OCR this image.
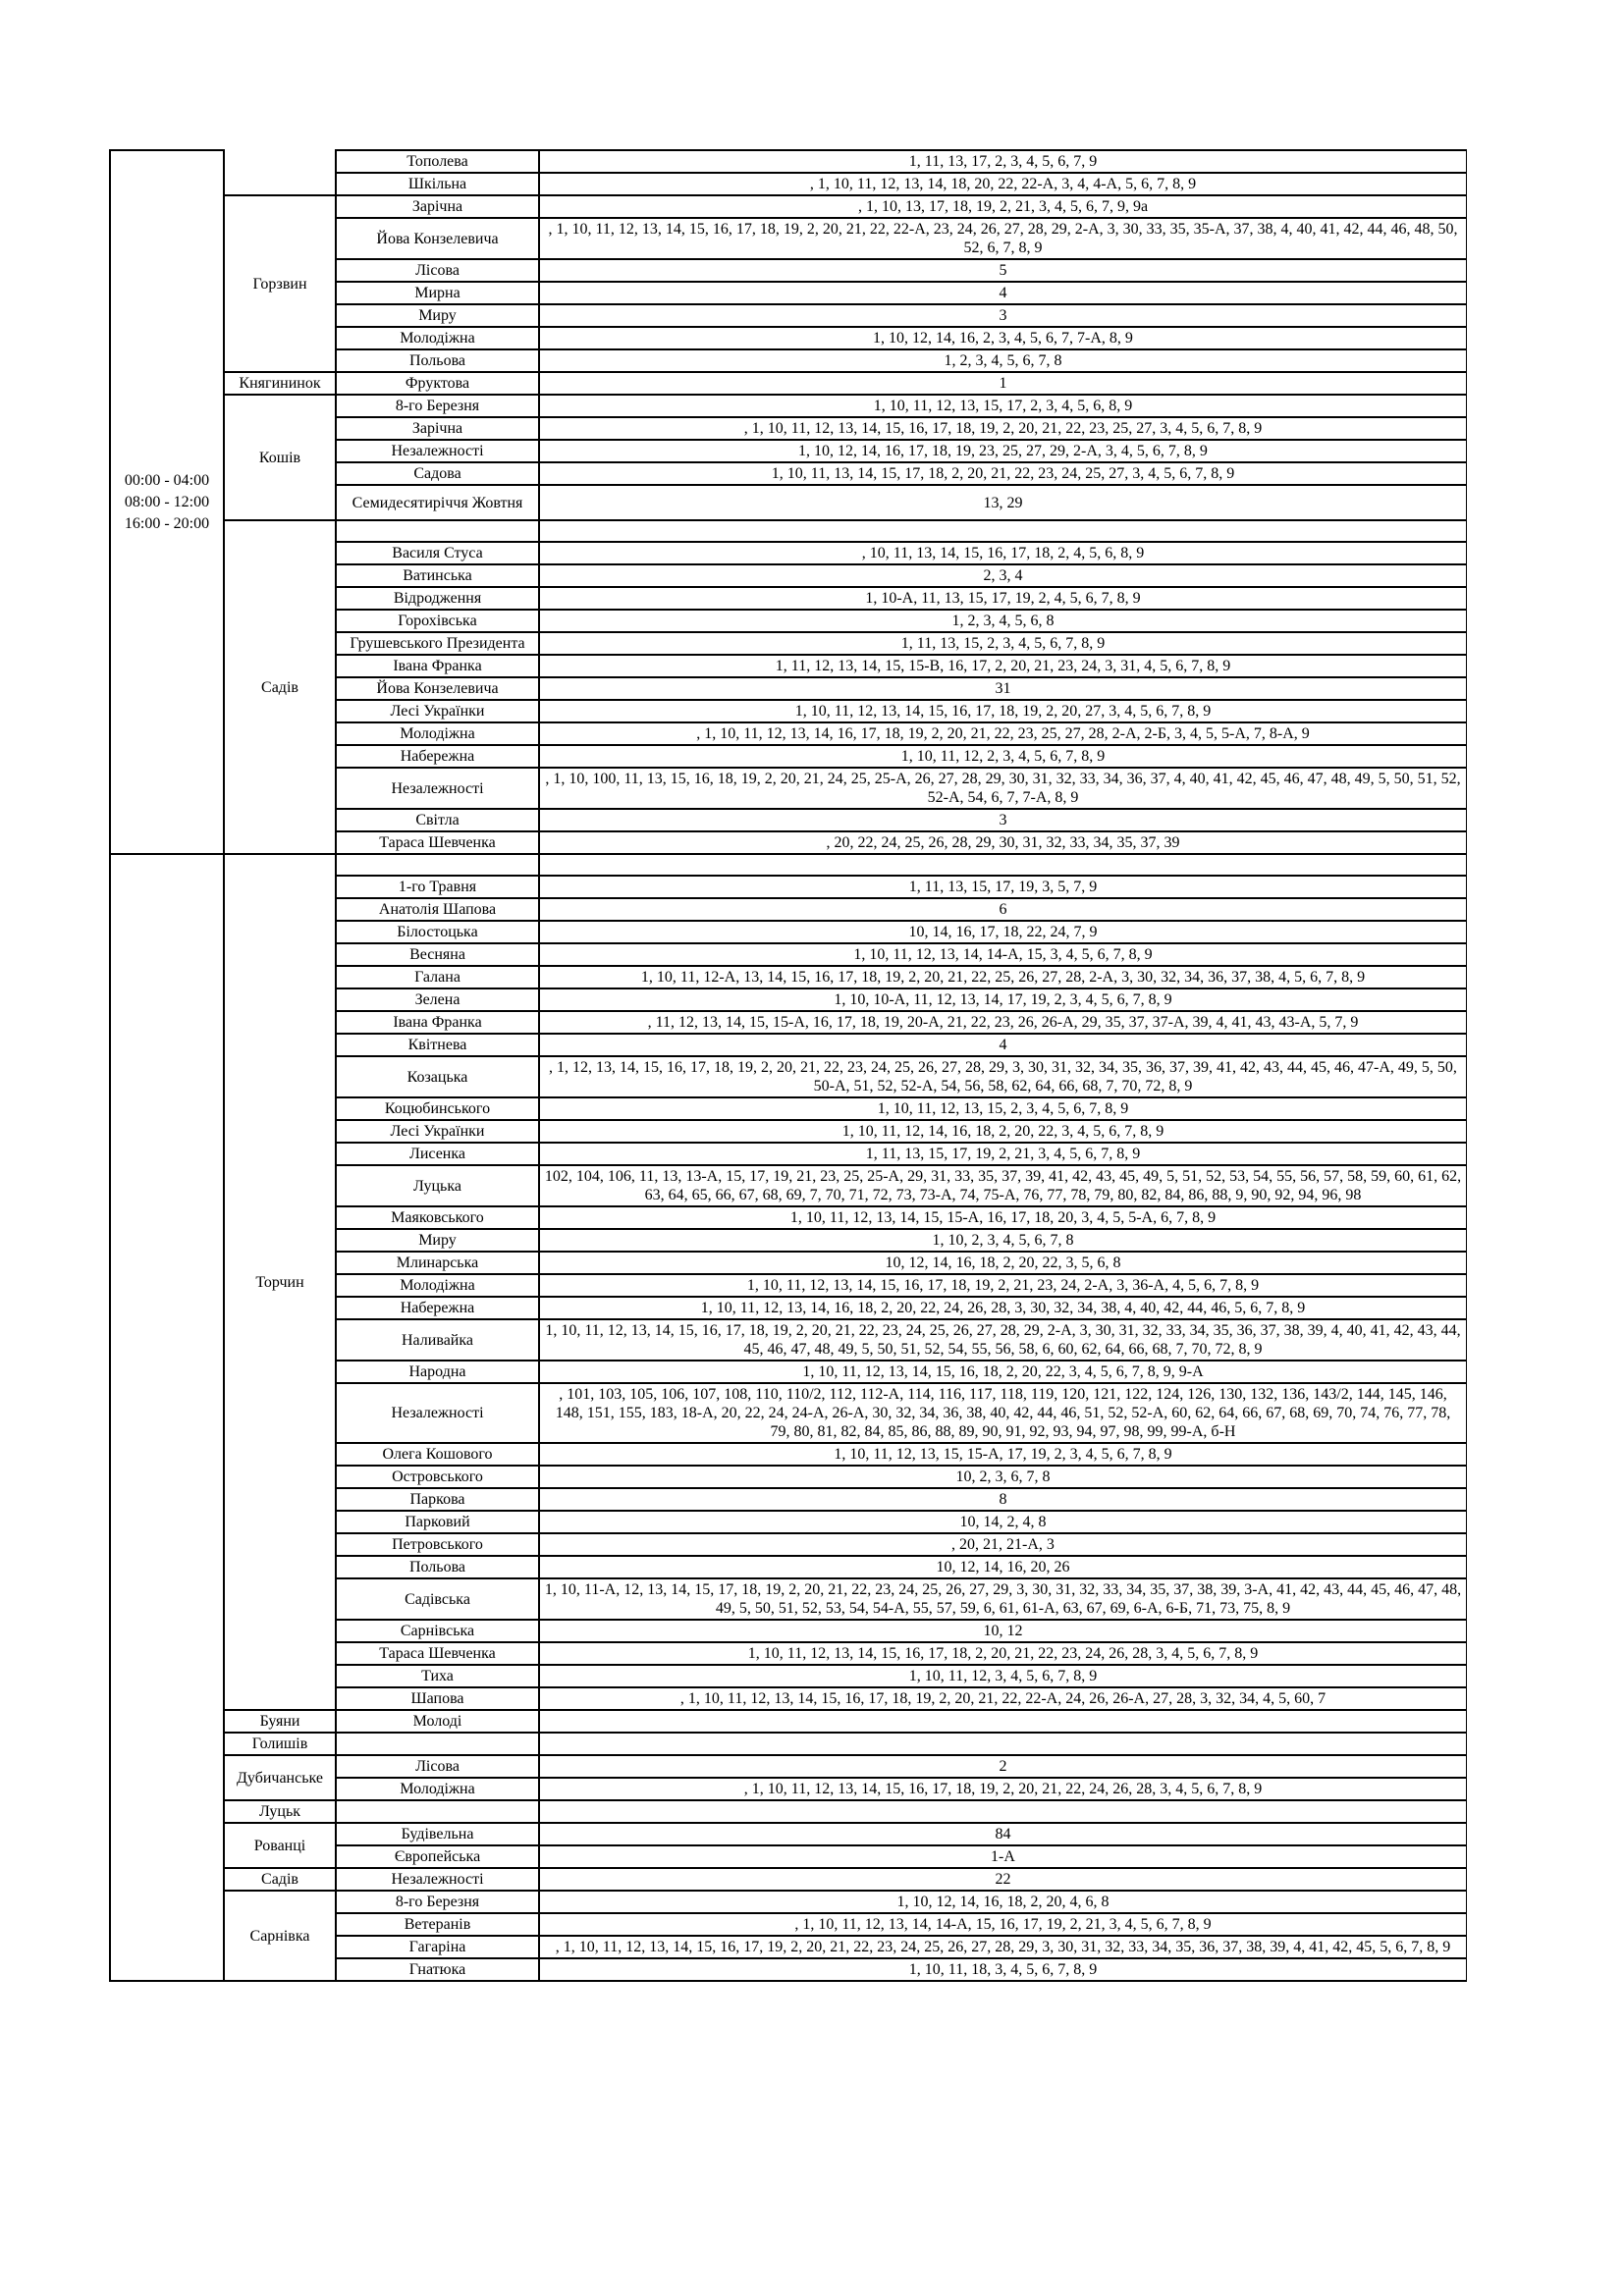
	00:00 - 04:00
08:00 - 12:00
16:00 - 20:00		Тополева	1, 11, 13, 17, 2, 3, 4, 5, 6, 7, 9
			Шкільна	, 1, 10, 11, 12, 13, 14, 18, 20, 22, 22-А, 3, 4, 4-А, 5, 6, 7, 8, 9
		Горзвин	Зарічна	, 1, 10, 13, 17, 18, 19, 2, 21, 3, 4, 5, 6, 7, 9, 9а
			Йова Конзелевича	, 1, 10, 11, 12, 13, 14, 15, 16, 17, 18, 19, 2, 20, 21, 22, 22-А, 23, 24, 26, 27, 28, 29, 2-А, 3, 30, 33, 35, 35-А, 37, 38, 4, 40, 41, 42, 44, 46, 48, 50, 52, 6, 7, 8, 9
			Лісова	5
			Мирна	4
			Миру	3
			Молодіжна	1, 10, 12, 14, 16, 2, 3, 4, 5, 6, 7, 7-А, 8, 9
			Польова	1, 2, 3, 4, 5, 6, 7, 8
		Княгининок	Фруктова	1
		Кошів	8-го Березня	1, 10, 11, 12, 13, 15, 17, 2, 3, 4, 5, 6, 8, 9
			Зарічна	, 1, 10, 11, 12, 13, 14, 15, 16, 17, 18, 19, 2, 20, 21, 22, 23, 25, 27, 3, 4, 5, 6, 7, 8, 9
			Незалежності	1, 10, 12, 14, 16, 17, 18, 19, 23, 25, 27, 29, 2-А, 3, 4, 5, 6, 7, 8, 9
			Садова	1, 10, 11, 13, 14, 15, 17, 18, 2, 20, 21, 22, 23, 24, 25, 27, 3, 4, 5, 6, 7, 8, 9
			Семидесятиріччя Жовтня	13, 29
		Садів		
			Василя Стуса	, 10, 11, 13, 14, 15, 16, 17, 18, 2, 4, 5, 6, 8, 9
			Ватинська	2, 3, 4
			Відродження	1, 10-А, 11, 13, 15, 17, 19, 2, 4, 5, 6, 7, 8, 9
			Горохівська	1, 2, 3, 4, 5, 6, 8
			Грушевського Президента	1, 11, 13, 15, 2, 3, 4, 5, 6, 7, 8, 9
			Івана Франка	1, 11, 12, 13, 14, 15, 15-В, 16, 17, 2, 20, 21, 23, 24, 3, 31, 4, 5, 6, 7, 8, 9
			Йова Конзелевича	31
			Лесі Українки	1, 10, 11, 12, 13, 14, 15, 16, 17, 18, 19, 2, 20, 27, 3, 4, 5, 6, 7, 8, 9
			Молодіжна	, 1, 10, 11, 12, 13, 14, 16, 17, 18, 19, 2, 20, 21, 22, 23, 25, 27, 28, 2-А, 2-Б, 3, 4, 5, 5-А, 7, 8-А, 9
			Набережна	1, 10, 11, 12, 2, 3, 4, 5, 6, 7, 8, 9
			Незалежності	, 1, 10, 100, 11, 13, 15, 16, 18, 19, 2, 20, 21, 24, 25, 25-А, 26, 27, 28, 29, 30, 31, 32, 33, 34, 36, 37, 4, 40, 41, 42, 45, 46, 47, 48, 49, 5, 50, 51, 52, 52-А, 54, 6, 7, 7-А, 8, 9
			Світла	3
			Тараса Шевченка	, 20, 22, 24, 25, 26, 28, 29, 30, 31, 32, 33, 34, 35, 37, 39
		Торчин		
			1-го Травня	1, 11, 13, 15, 17, 19, 3, 5, 7, 9
			Анатолія Шапова	6
			Білостоцька	10, 14, 16, 17, 18, 22, 24, 7, 9
			Весняна	1, 10, 11, 12, 13, 14, 14-А, 15, 3, 4, 5, 6, 7, 8, 9
			Галана	1, 10, 11, 12-А, 13, 14, 15, 16, 17, 18, 19, 2, 20, 21, 22, 25, 26, 27, 28, 2-А, 3, 30, 32, 34, 36, 37, 38, 4, 5, 6, 7, 8, 9
			Зелена	1, 10, 10-А, 11, 12, 13, 14, 17, 19, 2, 3, 4, 5, 6, 7, 8, 9
			Івана Франка	, 11, 12, 13, 14, 15, 15-А, 16, 17, 18, 19, 20-А, 21, 22, 23, 26, 26-А, 29, 35, 37, 37-А, 39, 4, 41, 43, 43-А, 5, 7, 9
			Квітнева	4
			Козацька	, 1, 12, 13, 14, 15, 16, 17, 18, 19, 2, 20, 21, 22, 23, 24, 25, 26, 27, 28, 29, 3, 30, 31, 32, 34, 35, 36, 37, 39, 41, 42, 43, 44, 45, 46, 47-А, 49, 5, 50, 50-А, 51, 52, 52-А, 54, 56, 58, 62, 64, 66, 68, 7, 70, 72, 8, 9
			Коцюбинського	1, 10, 11, 12, 13, 15, 2, 3, 4, 5, 6, 7, 8, 9
			Лесі Українки	1, 10, 11, 12, 14, 16, 18, 2, 20, 22, 3, 4, 5, 6, 7, 8, 9
			Лисенка	1, 11, 13, 15, 17, 19, 2, 21, 3, 4, 5, 6, 7, 8, 9
			Луцька	102, 104, 106, 11, 13, 13-А, 15, 17, 19, 21, 23, 25, 25-А, 29, 31, 33, 35, 37, 39, 41, 42, 43, 45, 49, 5, 51, 52, 53, 54, 55, 56, 57, 58, 59, 60, 61, 62, 63, 64, 65, 66, 67, 68, 69, 7, 70, 71, 72, 73, 73-А, 74, 75-А, 76, 77, 78, 79, 80, 82, 84, 86, 88, 9, 90, 92, 94, 96, 98
			Маяковського	1, 10, 11, 12, 13, 14, 15, 15-А, 16, 17, 18, 20, 3, 4, 5, 5-А, 6, 7, 8, 9
			Миру	1, 10, 2, 3, 4, 5, 6, 7, 8
			Млинарська	10, 12, 14, 16, 18, 2, 20, 22, 3, 5, 6, 8
			Молодіжна	1, 10, 11, 12, 13, 14, 15, 16, 17, 18, 19, 2, 21, 23, 24, 2-А, 3, 36-А, 4, 5, 6, 7, 8, 9
			Набережна	1, 10, 11, 12, 13, 14, 16, 18, 2, 20, 22, 24, 26, 28, 3, 30, 32, 34, 38, 4, 40, 42, 44, 46, 5, 6, 7, 8, 9
			Наливайка	1, 10, 11, 12, 13, 14, 15, 16, 17, 18, 19, 2, 20, 21, 22, 23, 24, 25, 26, 27, 28, 29, 2-А, 3, 30, 31, 32, 33, 34, 35, 36, 37, 38, 39, 4, 40, 41, 42, 43, 44, 45, 46, 47, 48, 49, 5, 50, 51, 52, 54, 55, 56, 58, 6, 60, 62, 64, 66, 68, 7, 70, 72, 8, 9
			Народна	1, 10, 11, 12, 13, 14, 15, 16, 18, 2, 20, 22, 3, 4, 5, 6, 7, 8, 9, 9-А
			Незалежності	, 101, 103, 105, 106, 107, 108, 110, 110/2, 112, 112-А, 114, 116, 117, 118, 119, 120, 121, 122, 124, 126, 130, 132, 136, 143/2, 144, 145, 146, 148, 151, 155, 183, 18-А, 20, 22, 24, 24-А, 26-А, 30, 32, 34, 36, 38, 40, 42, 44, 46, 51, 52, 52-А, 60, 62, 64, 66, 67, 68, 69, 70, 74, 76, 77, 78, 79, 80, 81, 82, 84, 85, 86, 88, 89, 90, 91, 92, 93, 94, 97, 98, 99, 99-А, б-Н
			Олега Кошового	1, 10, 11, 12, 13, 15, 15-А, 17, 19, 2, 3, 4, 5, 6, 7, 8, 9
			Островського	10, 2, 3, 6, 7, 8
			Паркова	8
			Парковий	10, 14, 2, 4, 8
			Петровського	, 20, 21, 21-А, 3
			Польова	10, 12, 14, 16, 20, 26
			Садівська	1, 10, 11-А, 12, 13, 14, 15, 17, 18, 19, 2, 20, 21, 22, 23, 24, 25, 26, 27, 29, 3, 30, 31, 32, 33, 34, 35, 37, 38, 39, 3-А, 41, 42, 43, 44, 45, 46, 47, 48, 49, 5, 50, 51, 52, 53, 54, 54-А, 55, 57, 59, 6, 61, 61-А, 63, 67, 69, 6-А, 6-Б, 71, 73, 75, 8, 9
			Сарнівська	10, 12
			Тараса Шевченка	1, 10, 11, 12, 13, 14, 15, 16, 17, 18, 2, 20, 21, 22, 23, 24, 26, 28, 3, 4, 5, 6, 7, 8, 9
			Тиха	1, 10, 11, 12, 3, 4, 5, 6, 7, 8, 9
			Шапова	, 1, 10, 11, 12, 13, 14, 15, 16, 17, 18, 19, 2, 20, 21, 22, 22-А, 24, 26, 26-А, 27, 28, 3, 32, 34, 4, 5, 60, 7
		Буяни	Молоді	
		Голишів		
		Дубичанське	Лісова	2
			Молодіжна	, 1, 10, 11, 12, 13, 14, 15, 16, 17, 18, 19, 2, 20, 21, 22, 24, 26, 28, 3, 4, 5, 6, 7, 8, 9
		Луцьк		
		Рованці	Будівельна	84
			Європейська	1-А
		Садів	Незалежності	22
		Сарнівка	8-го Березня	1, 10, 12, 14, 16, 18, 2, 20, 4, 6, 8
			Ветеранів	, 1, 10, 11, 12, 13, 14, 14-А, 15, 16, 17, 19, 2, 21, 3, 4, 5, 6, 7, 8, 9
			Гагаріна	, 1, 10, 11, 12, 13, 14, 15, 16, 17, 19, 2, 20, 21, 22, 23, 24, 25, 26, 27, 28, 29, 3, 30, 31, 32, 33, 34, 35, 36, 37, 38, 39, 4, 41, 42, 45, 5, 6, 7, 8, 9
			Гнатюка	1, 10, 11, 18, 3, 4, 5, 6, 7, 8, 9
